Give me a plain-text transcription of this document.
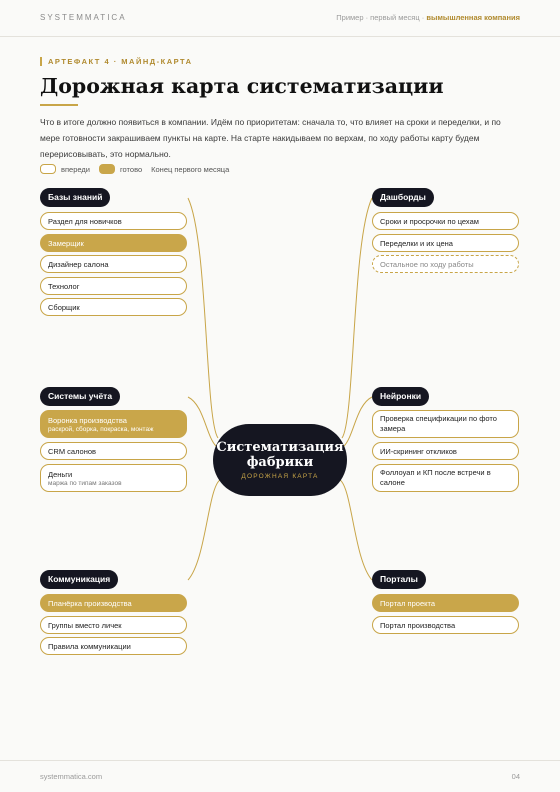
SYSTEMMATICA	Пример · первый месяц · вымышленная компания
АРТЕФАКТ 4 · МАЙНД-КАРТА
Дорожная карта систематизации
Что в итоге должно появиться в компании. Идём по приоритетам: сначала то, что влияет на сроки и переделки, и по мере готовности закрашиваем пункты на карте. На старте накидываем по верхам, по ходу работы карту будем перерисовывать, это нормально.
впереди	готово Конец первого месяца
Базы знаний
Раздел для новичков
Замерщик
Дизайнер салона
Технолог
Сборщик
Дашборды
Сроки и просрочки по цехам
Переделки и их цена
Остальное по ходу работы
Системы учёта
Воронка производства
раскрой, сборка, покраска, монтаж
CRM салонов
Деньги
маржа по типам заказов
Нейронки
Проверка спецификации по фото замера
ИИ-скрининг откликов
Фоллоуап и КП после встречи в салоне
Коммуникация
Планёрка производства
Группы вместо личек
Правила коммуникации
Порталы
Портал проекта
Портал производства
Систематизация
фабрики
ДОРОЖНАЯ КАРТА
systemmatica.com	04
